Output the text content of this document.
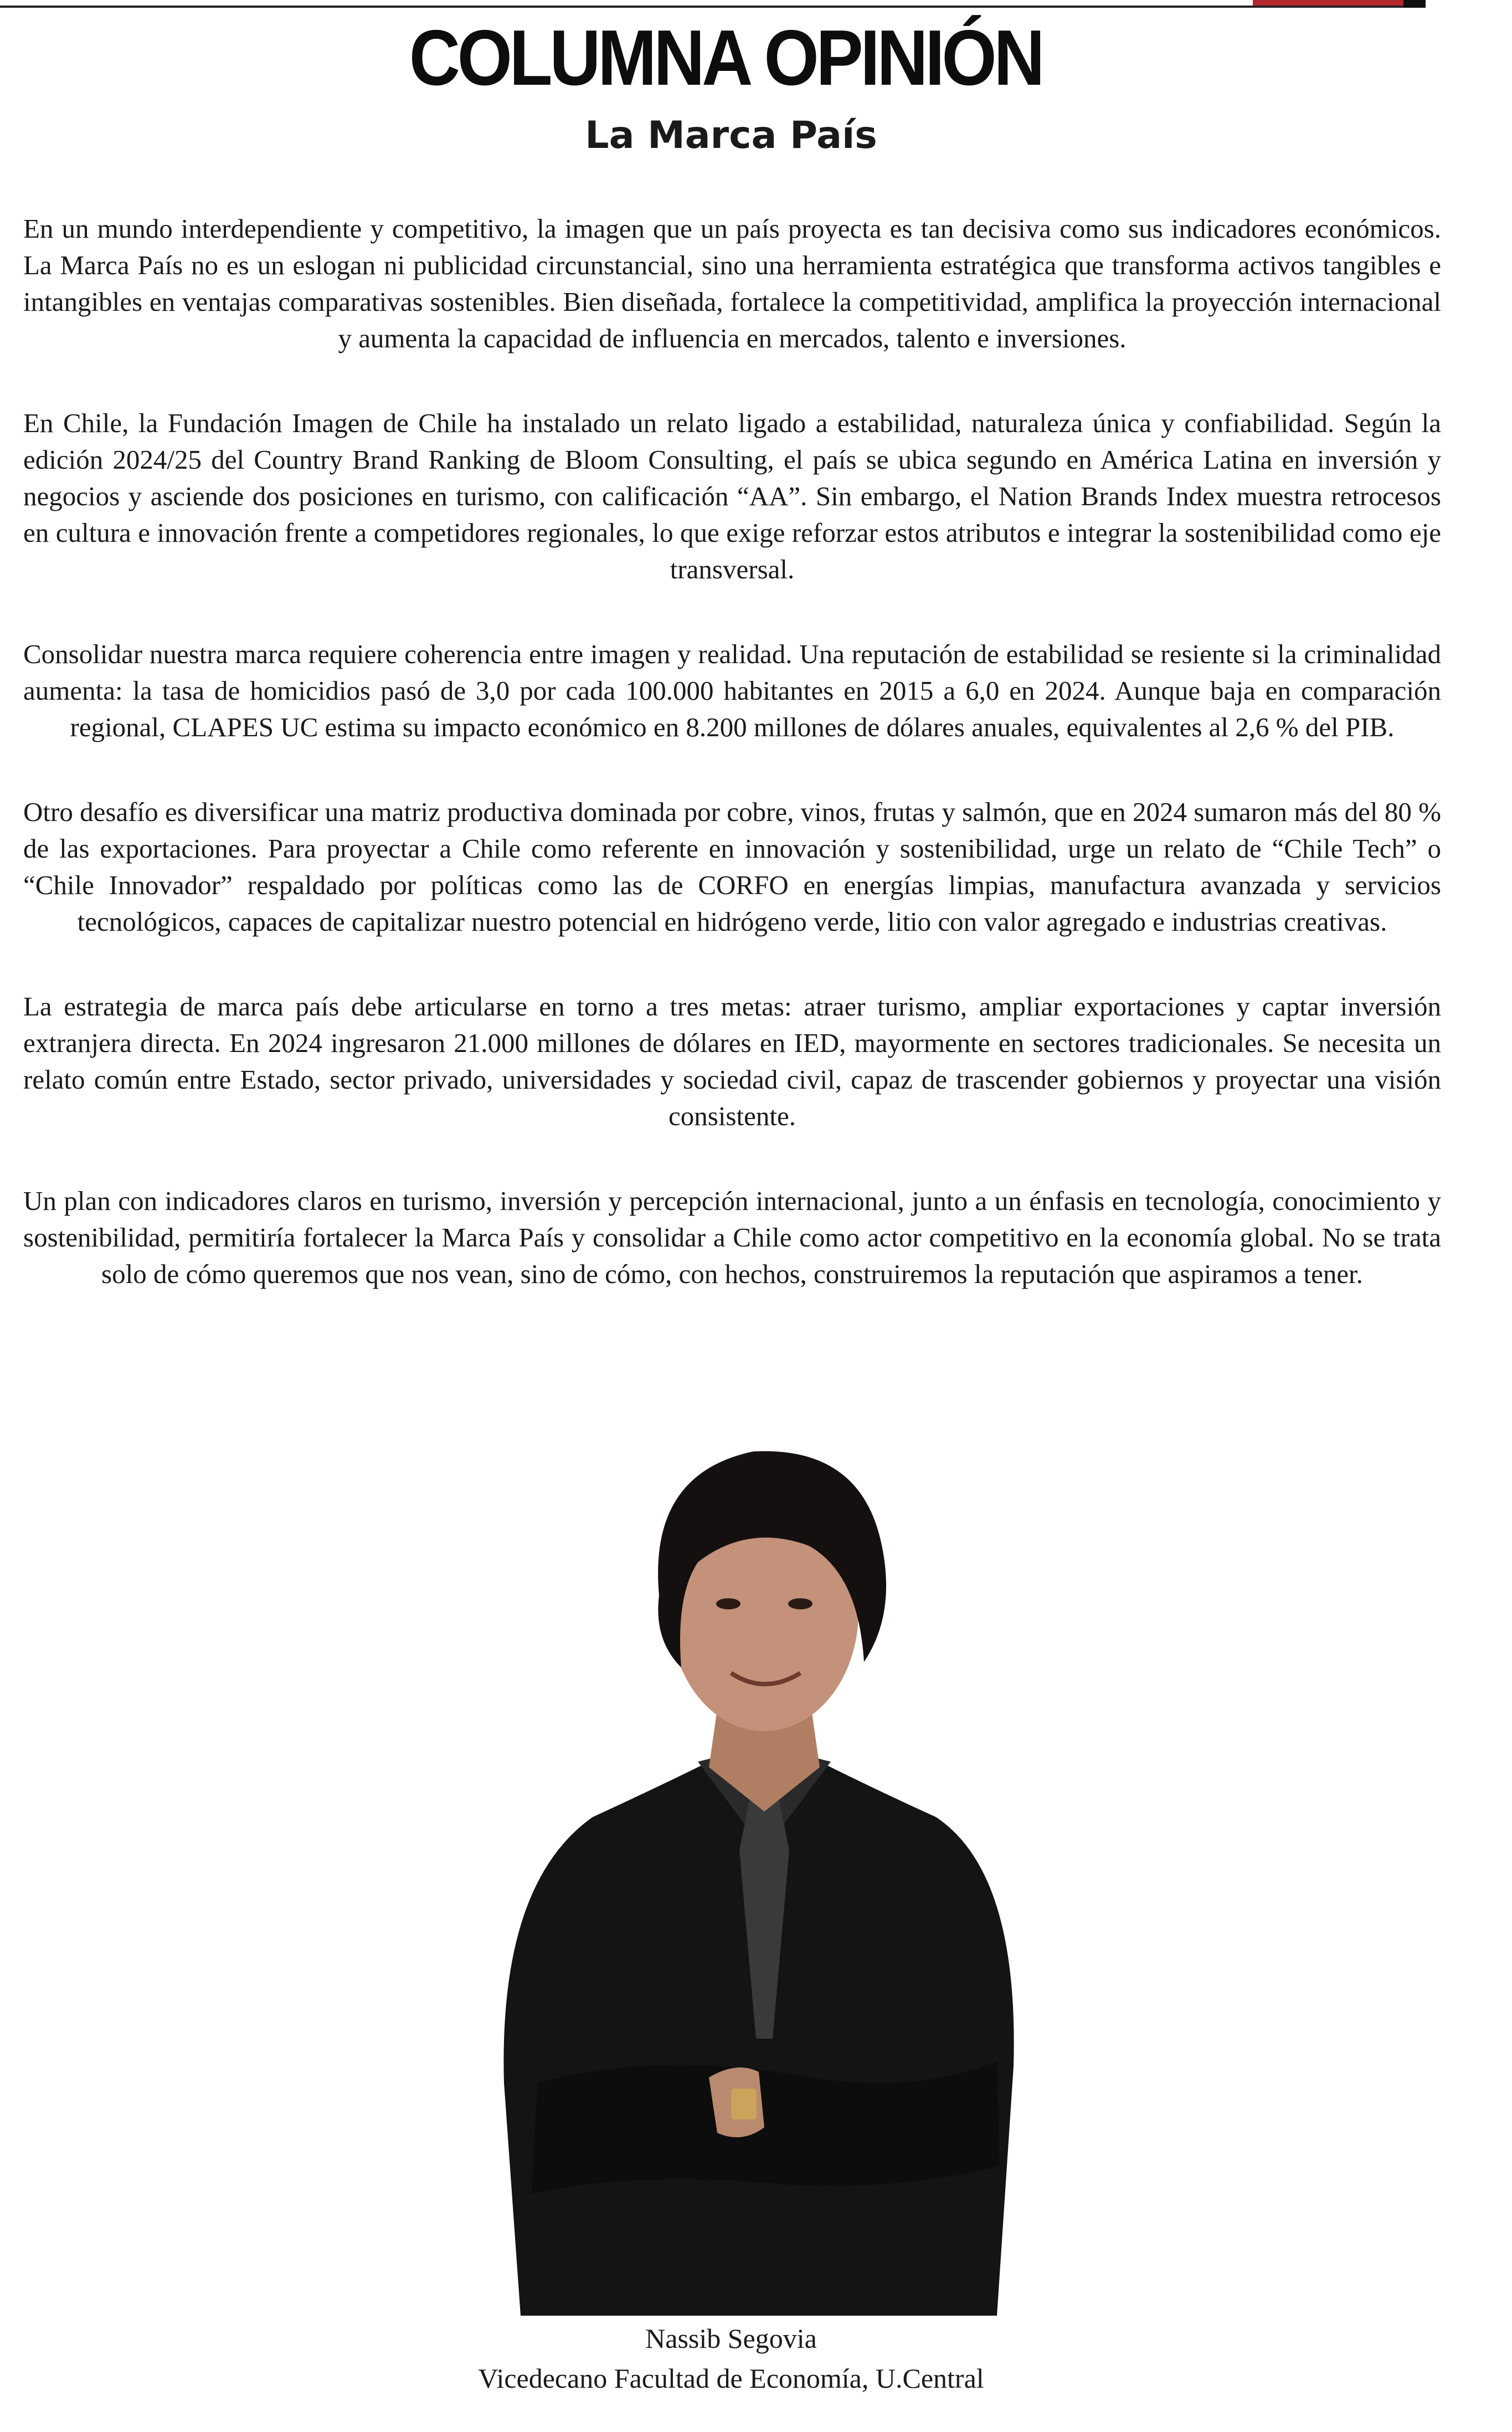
COLUMNA OPINIÓN
La Marca País

En un mundo interdependiente y competitivo, la imagen que un país proyecta es tan decisiva como sus indicadores económicos. La Marca País no es un eslogan ni publicidad circunstancial, sino una herramienta estratégica que transforma activos tangibles e intangibles en ventajas comparativas sostenibles. Bien diseñada, fortalece la competitividad, amplifica la proyección internacional y aumenta la capacidad de influencia en mercados, talento e inversiones.

En Chile, la Fundación Imagen de Chile ha instalado un relato ligado a estabilidad, naturaleza única y confiabilidad. Según la edición 2024/25 del Country Brand Ranking de Bloom Consulting, el país se ubica segundo en América Latina en inversión y negocios y asciende dos posiciones en turismo, con calificación “AA”. Sin embargo, el Nation Brands Index muestra retrocesos en cultura e innovación frente a competidores regionales, lo que exige reforzar estos atributos e integrar la sostenibilidad como eje transversal.

Consolidar nuestra marca requiere coherencia entre imagen y realidad. Una reputación de estabilidad se resiente si la criminalidad aumenta: la tasa de homicidios pasó de 3,0 por cada 100.000 habitantes en 2015 a 6,0 en 2024. Aunque baja en comparación regional, CLAPES UC estima su impacto económico en 8.200 millones de dólares anuales, equivalentes al 2,6 % del PIB.

Otro desafío es diversificar una matriz productiva dominada por cobre, vinos, frutas y salmón, que en 2024 sumaron más del 80 % de las exportaciones. Para proyectar a Chile como referente en innovación y sostenibilidad, urge un relato de “Chile Tech” o “Chile Innovador” respaldado por políticas como las de CORFO en energías limpias, manufactura avanzada y servicios tecnológicos, capaces de capitalizar nuestro potencial en hidrógeno verde, litio con valor agregado e industrias creativas.

La estrategia de marca país debe articularse en torno a tres metas: atraer turismo, ampliar exportaciones y captar inversión extranjera directa. En 2024 ingresaron 21.000 millones de dólares en IED, mayormente en sectores tradicionales. Se necesita un relato común entre Estado, sector privado, universidades y sociedad civil, capaz de trascender gobiernos y proyectar una visión consistente.

Un plan con indicadores claros en turismo, inversión y percepción internacional, junto a un énfasis en tecnología, conocimiento y sostenibilidad, permitiría fortalecer la Marca País y consolidar a Chile como actor competitivo en la economía global. No se trata solo de cómo queremos que nos vean, sino de cómo, con hechos, construiremos la reputación que aspiramos a tener.

Nassib Segovia

Vicedecano Facultad de Economía, U.Central
